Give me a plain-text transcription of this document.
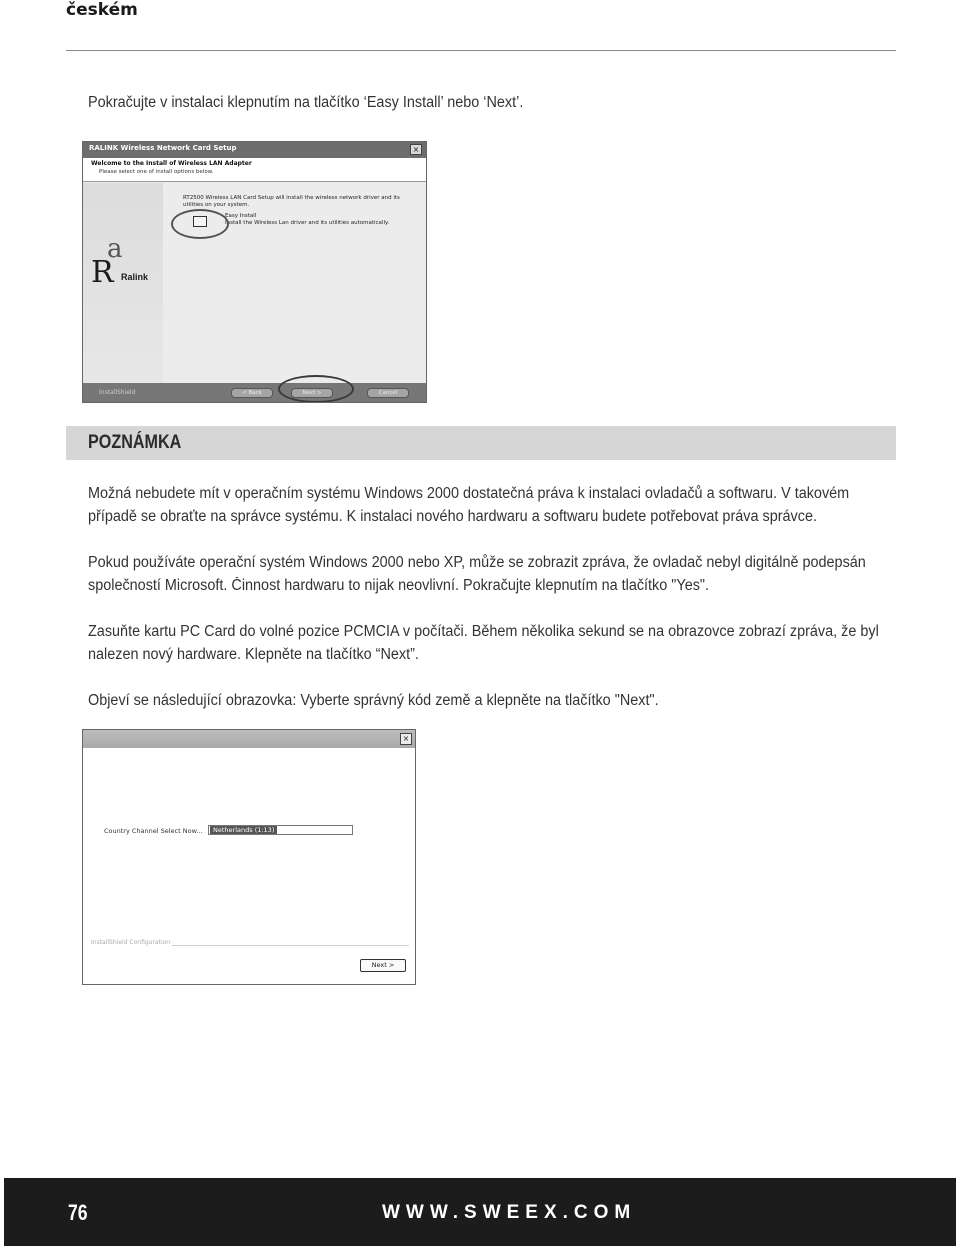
českém
Pokračujte v instalaci klepnutím na tlačítko ‘Easy Install’ nebo ‘Next’.
RALINK Wireless Network Card Setup	×
Welcome to the Install of Wireless LAN Adapter
Please select one of install options below.
a
R Ralink
RT2500 Wireless LAN Card Setup will install the wireless network driver and its utilities on your system.
Easy Install
Install the Wireless Lan driver and its utilities automatically.
InstallShield	< Back	Next >	Cancel
POZNÁMKA
Možná nebudete mít v operačním systému Windows 2000 dostatečná práva k instalaci ovladačů a softwaru. V takovém
případě se obraťte na správce systému. K instalaci nového hardwaru a softwaru budete potřebovat práva správce.
Pokud používáte operační systém Windows 2000 nebo XP, může se zobrazit zpráva, že ovladač nebyl digitálně podepsán
společností Microsoft. Činnost hardwaru to nijak neovlivní. Pokračujte klepnutím na tlačítko "Yes".
Zasuňte kartu PC Card do volné pozice PCMCIA v počítači. Během několika sekund se na obrazovce zobrazí zpráva, že byl
nalezen nový hardware. Klepněte na tlačítko “Next”.
Objeví se následující obrazovka: Vyberte správný kód země a klepněte na tlačítko "Next".
×
Country Channel Select Now...	Netherlands (1:13)
InstallShield Configuration
Next >
76	WWW.SWEEX.COM
